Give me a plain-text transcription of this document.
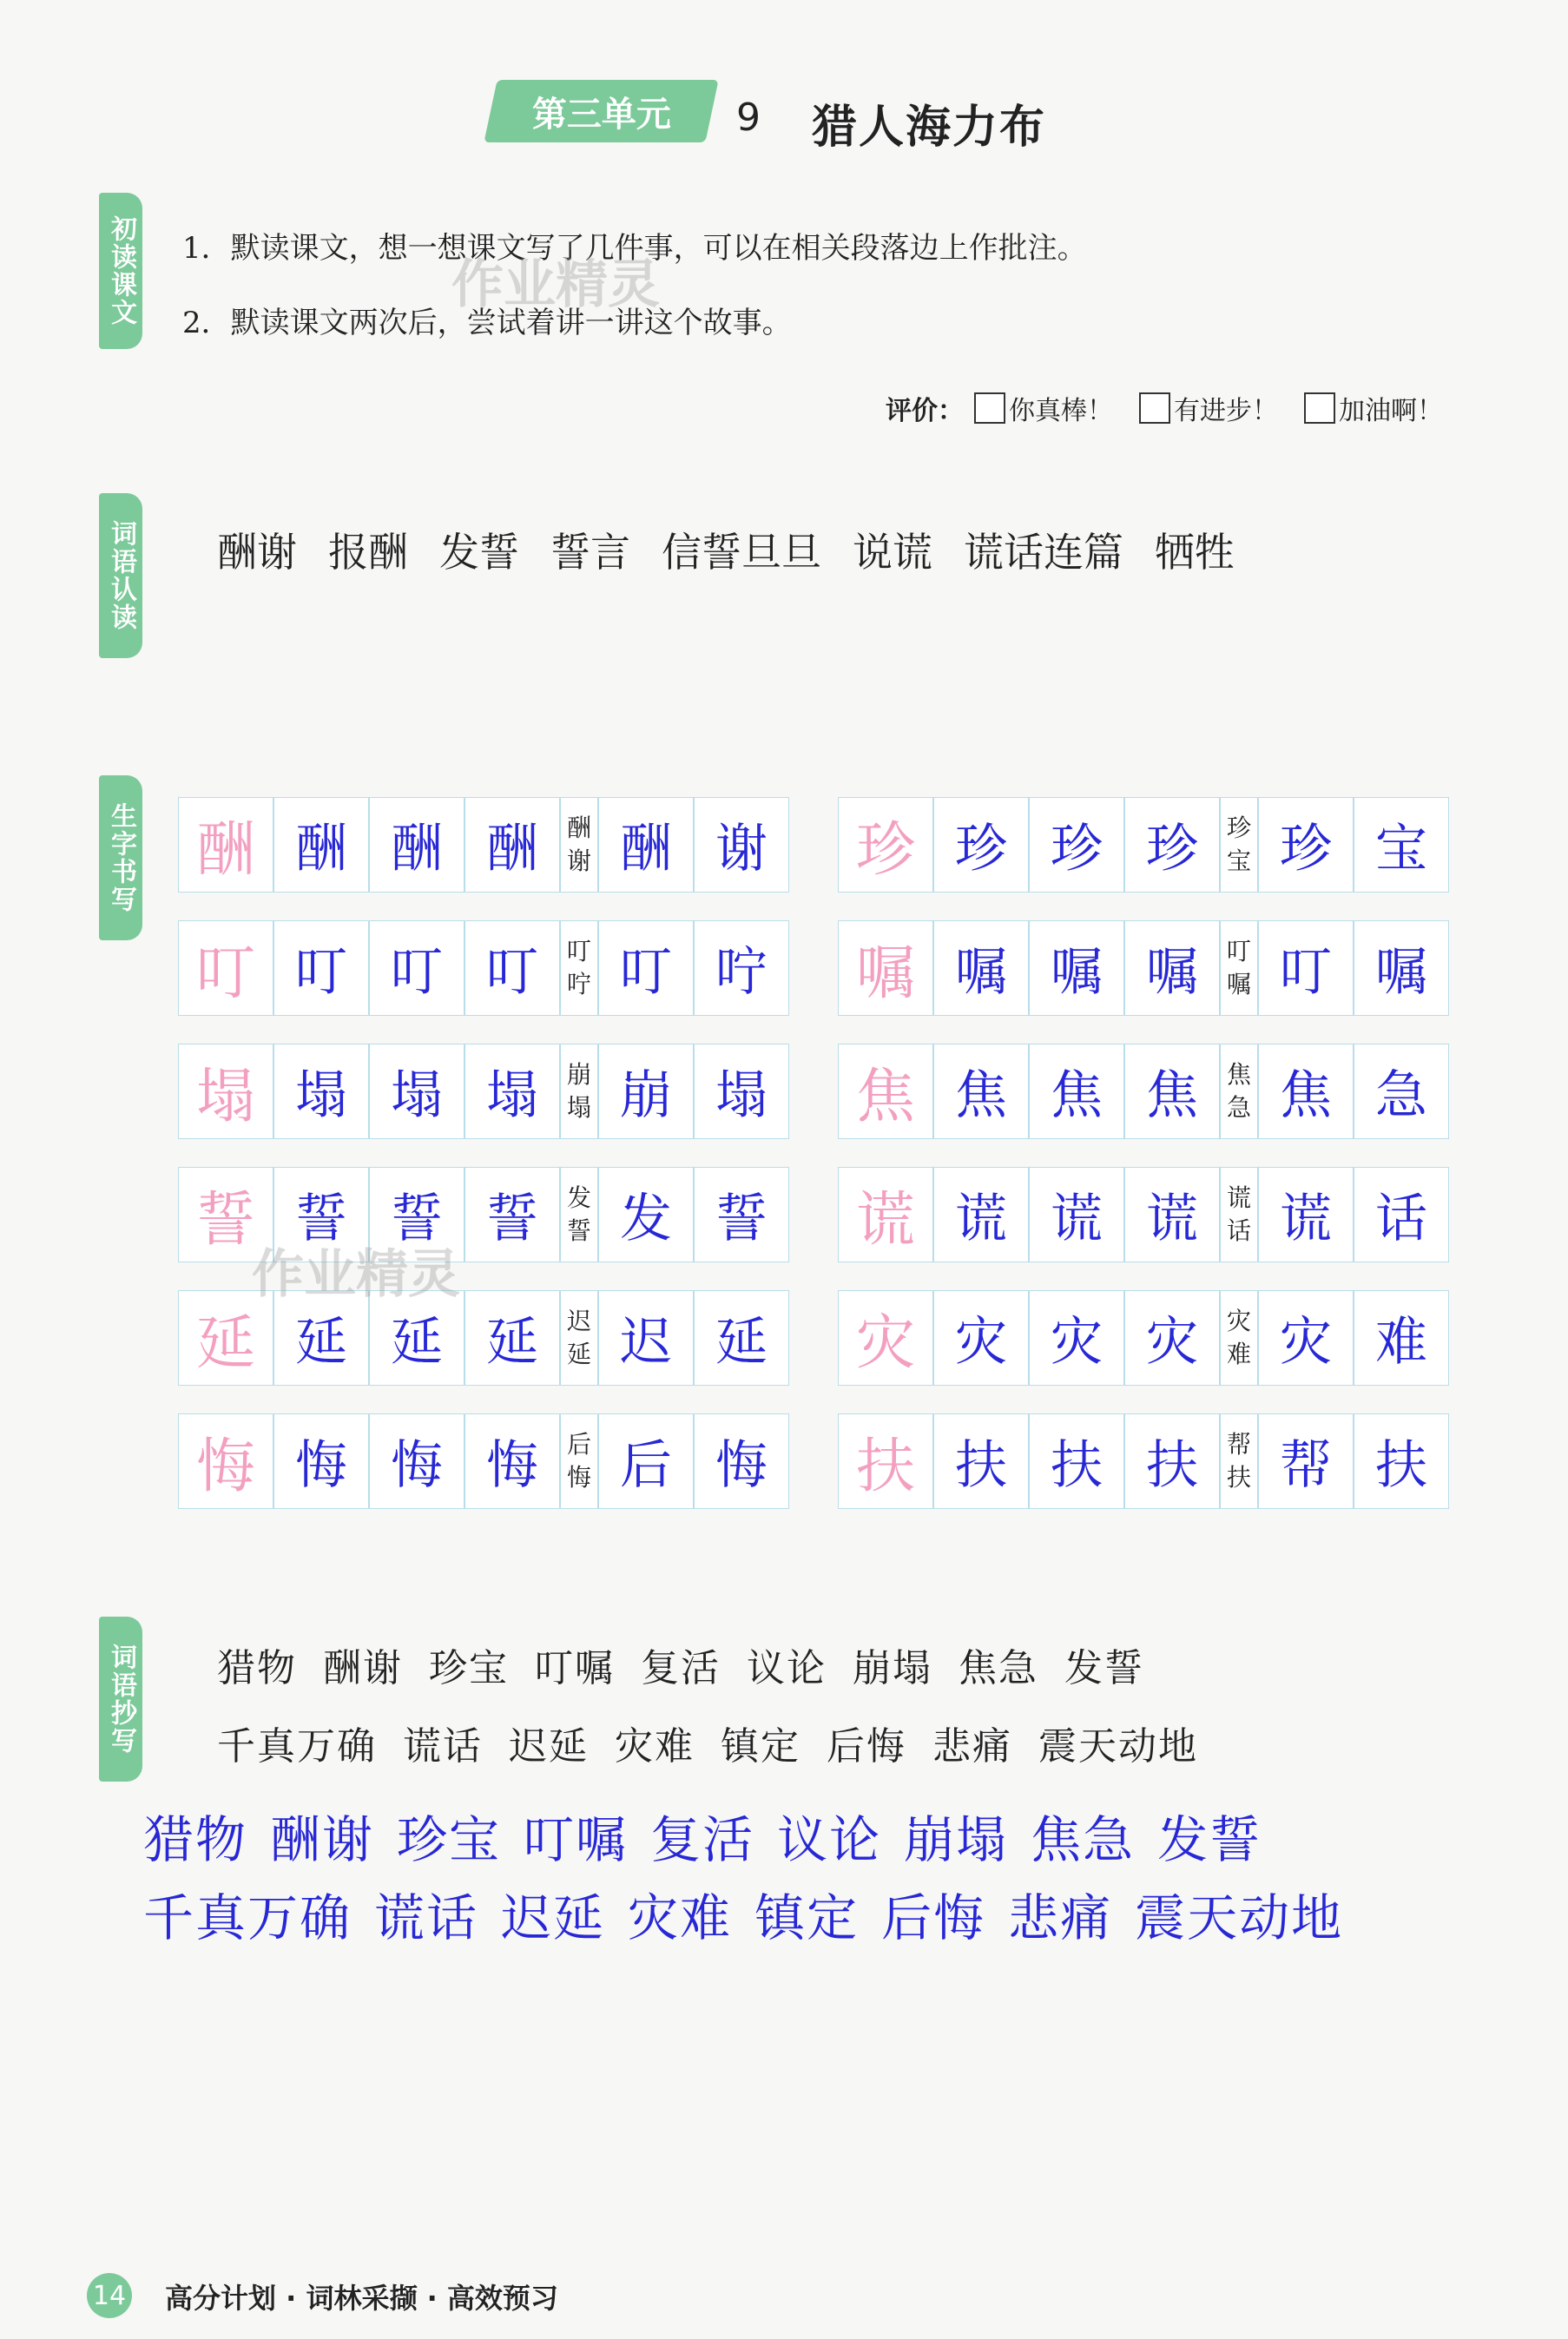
第三单元 9 猎人海力布
初读课文
词语认读
生字书写
词语抄写
1．默读课文，想一想课文写了几件事，可以在相关段落边上作批注。
2．默读课文两次后，尝试着讲一讲这个故事。
作业精灵
评价： 你真棒！ 有进步！ 加油啊！
酬谢 报酬 发誓 誓言 信誓旦旦 说谎 谎话连篇 牺牲
酬 酬 酬 酬 酬
谢 酬 谢
叮 叮 叮 叮 叮
咛 叮 咛
塌 塌 塌 塌 崩
塌 崩 塌
誓 誓 誓 誓 发
誓 发 誓
延 延 延 延 迟
延 迟 延
悔 悔 悔 悔 后
悔 后 悔
珍 珍 珍 珍 珍
宝 珍 宝
嘱 嘱 嘱 嘱 叮
嘱 叮 嘱
焦 焦 焦 焦 焦
急 焦 急
谎 谎 谎 谎 谎
话 谎 话
灾 灾 灾 灾 灾
难 灾 难
扶 扶 扶 扶 帮
扶 帮 扶
作业精灵
猎物 酬谢 珍宝 叮嘱 复活 议论 崩塌 焦急 发誓
千真万确 谎话 迟延 灾难 镇定 后悔 悲痛 震天动地
猎物 酬谢 珍宝 叮嘱 复活 议论 崩塌 焦急 发誓
千真万确 谎话 迟延 灾难 镇定 后悔 悲痛 震天动地
14 高分计划 · 词林采撷 · 高效预习
